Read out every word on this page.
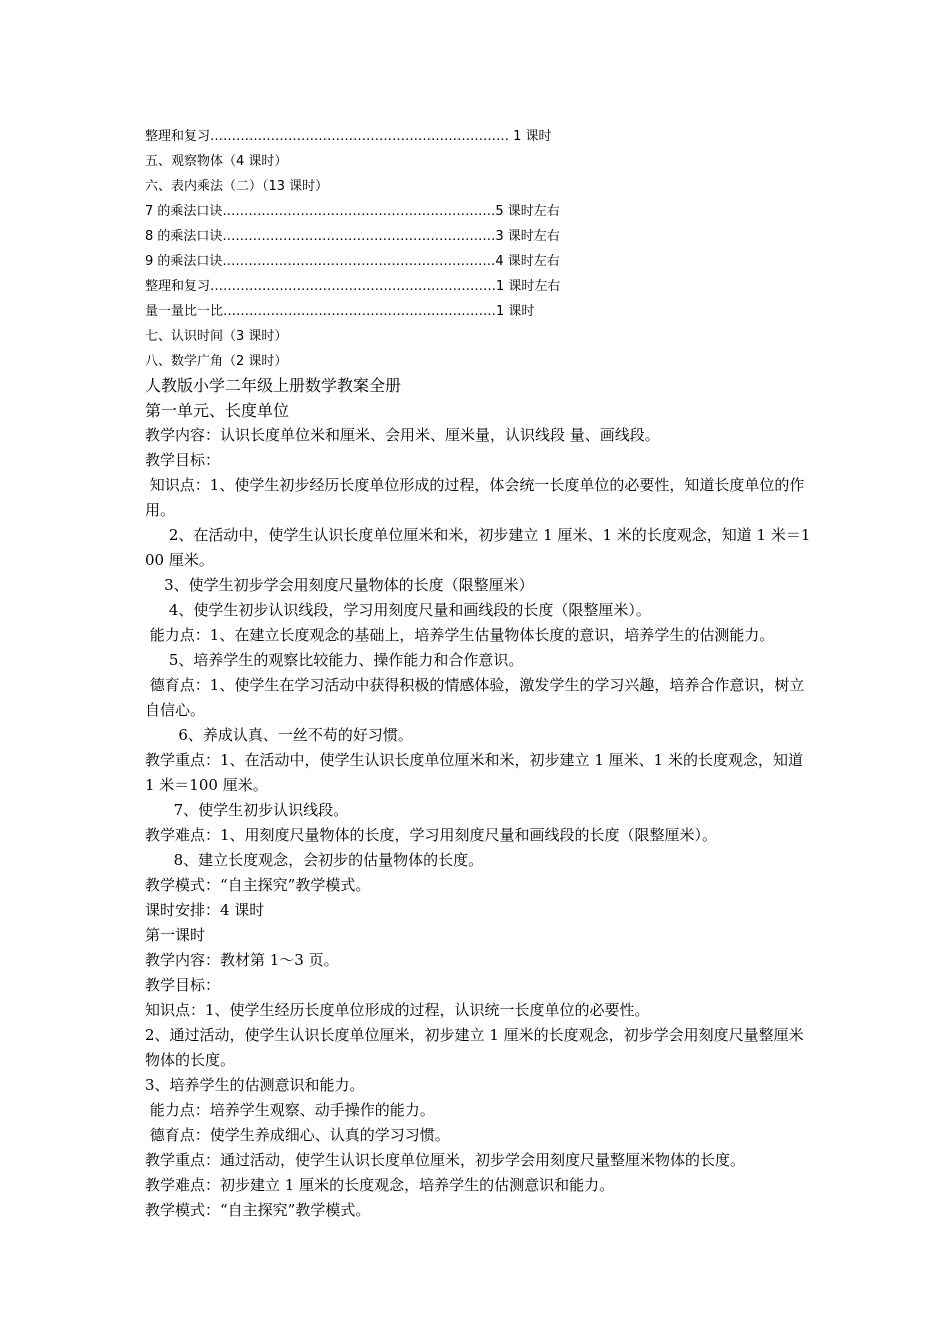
整理和复习…………………………………………………………… 1 课时
五、观察物体（4 课时）
六、表内乘法（二）（13 课时）
7 的乘法口诀………………………………………………………5 课时左右
8 的乘法口诀………………………………………………………3 课时左右
9 的乘法口诀………………………………………………………4 课时左右
整理和复习…………………………………………………………1 课时左右
量一量比一比………………………………………………………1 课时
七、认识时间（3 课时）
八、数学广角（2 课时）

人教版小学二年级上册数学教案全册

第一单元、长度单位

教学内容：认识长度单位米和厘米、会用米、厘米量，认识线段 量、画线段。

教学目标：

知识点：1、使学生初步经历长度单位形成的过程，体会统一长度单位的必要性，知道长度单位的作用。

2、在活动中，使学生认识长度单位厘米和米，初步建立 1 厘米、1 米的长度观念，知道 1 米＝100 厘米。

3、使学生初步学会用刻度尺量物体的长度（限整厘米）

4、使学生初步认识线段，学习用刻度尺量和画线段的长度（限整厘米）。

能力点：1、在建立长度观念的基础上，培养学生估量物体长度的意识，培养学生的估测能力。

5、培养学生的观察比较能力、操作能力和合作意识。

德育点：1、使学生在学习活动中获得积极的情感体验，激发学生的学习兴趣，培养合作意识，树立自信心。

6、养成认真、一丝不苟的好习惯。

教学重点：1、在活动中，使学生认识长度单位厘米和米，初步建立 1 厘米、1 米的长度观念，知道 1 米＝100 厘米。

7、使学生初步认识线段。

教学难点：1、用刻度尺量物体的长度，学习用刻度尺量和画线段的长度（限整厘米）。

8、建立长度观念，会初步的估量物体的长度。

教学模式：“自主探究”教学模式。

课时安排：4 课时

第一课时

教学内容：教材第 1～3 页。

教学目标：

知识点：1、使学生经历长度单位形成的过程，认识统一长度单位的必要性。

2、通过活动，使学生认识长度单位厘米，初步建立 1 厘米的长度观念，初步学会用刻度尺量整厘米物体的长度。

3、培养学生的估测意识和能力。

能力点：培养学生观察、动手操作的能力。

德育点：使学生养成细心、认真的学习习惯。

教学重点：通过活动，使学生认识长度单位厘米，初步学会用刻度尺量整厘米物体的长度。

教学难点：初步建立 1 厘米的长度观念，培养学生的估测意识和能力。

教学模式：“自主探究”教学模式。
